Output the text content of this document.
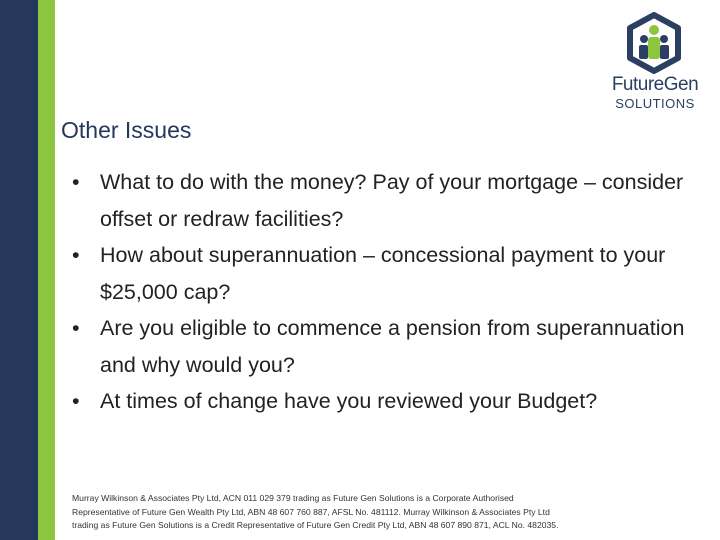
FutureGen
SOLUTIONS
Other Issues
• What to do with the money? Pay of your mortgage – consider offset or redraw facilities?
• How about superannuation – concessional payment to your $25,000 cap?
• Are you eligible to commence a pension from superannuation and why would you?
• At times of change have you reviewed your Budget?
Murray Wilkinson & Associates Pty Ltd, ACN 011 029 379 trading as Future Gen Solutions is a Corporate Authorised
Representative of Future Gen Wealth Pty Ltd, ABN 48 607 760 887, AFSL No. 481112. Murray Wilkinson & Associates Pty Ltd
trading as Future Gen Solutions is a Credit Representative of Future Gen Credit Pty Ltd, ABN 48 607 890 871, ACL No. 482035.
